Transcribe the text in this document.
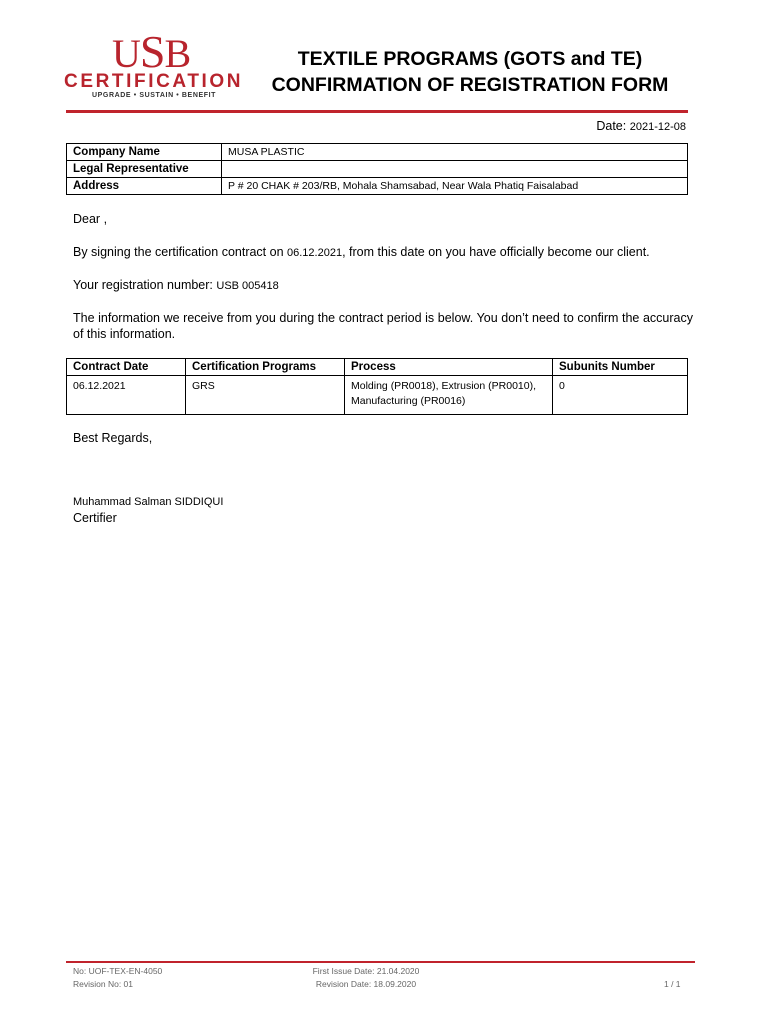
USB
CERTIFICATION
UPGRADE • SUSTAIN • BENEFIT
TEXTILE PROGRAMS (GOTS and TE)
CONFIRMATION OF REGISTRATION FORM
Date: 2021-12-08
Company Name	MUSA PLASTIC
Legal Representative	
Address	P # 20 CHAK # 203/RB, Mohala Shamsabad, Near Wala Phatiq Faisalabad
Dear ,
By signing the certification contract on 06.12.2021, from this date on you have officially become our client.
Your registration number: USB 005418
The information we receive from you during the contract period is below. You don’t need to confirm the accuracy of this information.
Contract Date	Certification Programs	Process	Subunits Number
06.12.2021	GRS	Molding (PR0018), Extrusion (PR0010), Manufacturing (PR0016)	0
Best Regards,
Muhammad Salman SIDDIQUI
Certifier
No: UOF-TEX-EN-4050
Revision No: 01
First Issue Date: 21.04.2020
Revision Date: 18.09.2020	1 / 1
